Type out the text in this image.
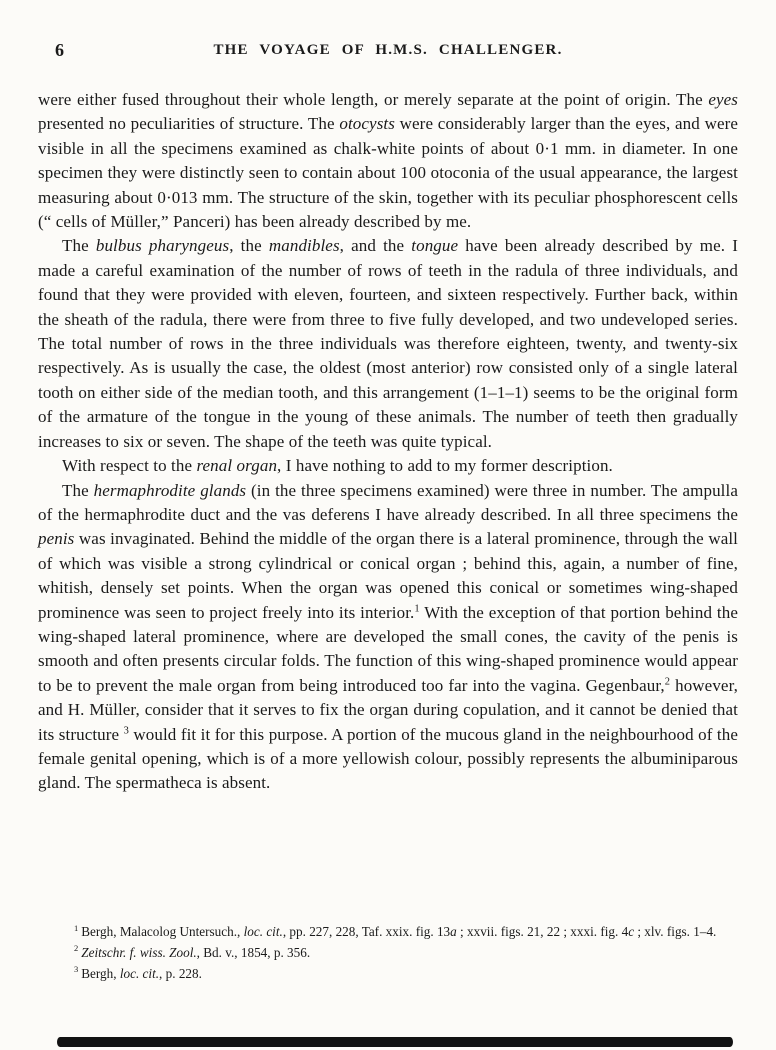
6	THE VOYAGE OF H.M.S. CHALLENGER.

were either fused throughout their whole length, or merely separate at the point of origin. The eyes presented no peculiarities of structure. The otocysts were considerably larger than the eyes, and were visible in all the specimens examined as chalk-white points of about 0·1 mm. in diameter. In one specimen they were distinctly seen to contain about 100 otoconia of the usual appearance, the largest measuring about 0·013 mm. The structure of the skin, together with its peculiar phosphorescent cells (“ cells of Müller,” Panceri) has been already described by me.

The bulbus pharyngeus, the mandibles, and the tongue have been already described by me. I made a careful examination of the number of rows of teeth in the radula of three individuals, and found that they were provided with eleven, fourteen, and sixteen respectively. Further back, within the sheath of the radula, there were from three to five fully developed, and two undeveloped series. The total number of rows in the three individuals was therefore eighteen, twenty, and twenty-six respectively. As is usually the case, the oldest (most anterior) row consisted only of a single lateral tooth on either side of the median tooth, and this arrangement (1–1–1) seems to be the original form of the armature of the tongue in the young of these animals. The number of teeth then gradually increases to six or seven. The shape of the teeth was quite typical.

With respect to the renal organ, I have nothing to add to my former description.

The hermaphrodite glands (in the three specimens examined) were three in number. The ampulla of the hermaphrodite duct and the vas deferens I have already described. In all three specimens the penis was invaginated. Behind the middle of the organ there is a lateral prominence, through the wall of which was visible a strong cylindrical or conical organ ; behind this, again, a number of fine, whitish, densely set points. When the organ was opened this conical or sometimes wing-shaped prominence was seen to project freely into its interior.$^1$ With the exception of that portion behind the wing-shaped lateral prominence, where are developed the small cones, the cavity of the penis is smooth and often presents circular folds. The function of this wing-shaped prominence would appear to be to prevent the male organ from being introduced too far into the vagina. Gegenbaur,$^2$ however, and H. Müller, consider that it serves to fix the organ during copulation, and it cannot be denied that its structure $^3$ would fit it for this purpose. A portion of the mucous gland in the neighbourhood of the female genital opening, which is of a more yellowish colour, possibly represents the albuminiparous gland. The spermatheca is absent.

$^1$ Bergh, Malacolog Untersuch., loc. cit., pp. 227, 228, Taf. xxix. fig. 13a ; xxvii. figs. 21, 22 ; xxxi. fig. 4c ; xlv. figs. 1–4.

$^2$ Zeitschr. f. wiss. Zool., Bd. v., 1854, p. 356.

$^3$ Bergh, loc. cit., p. 228.
